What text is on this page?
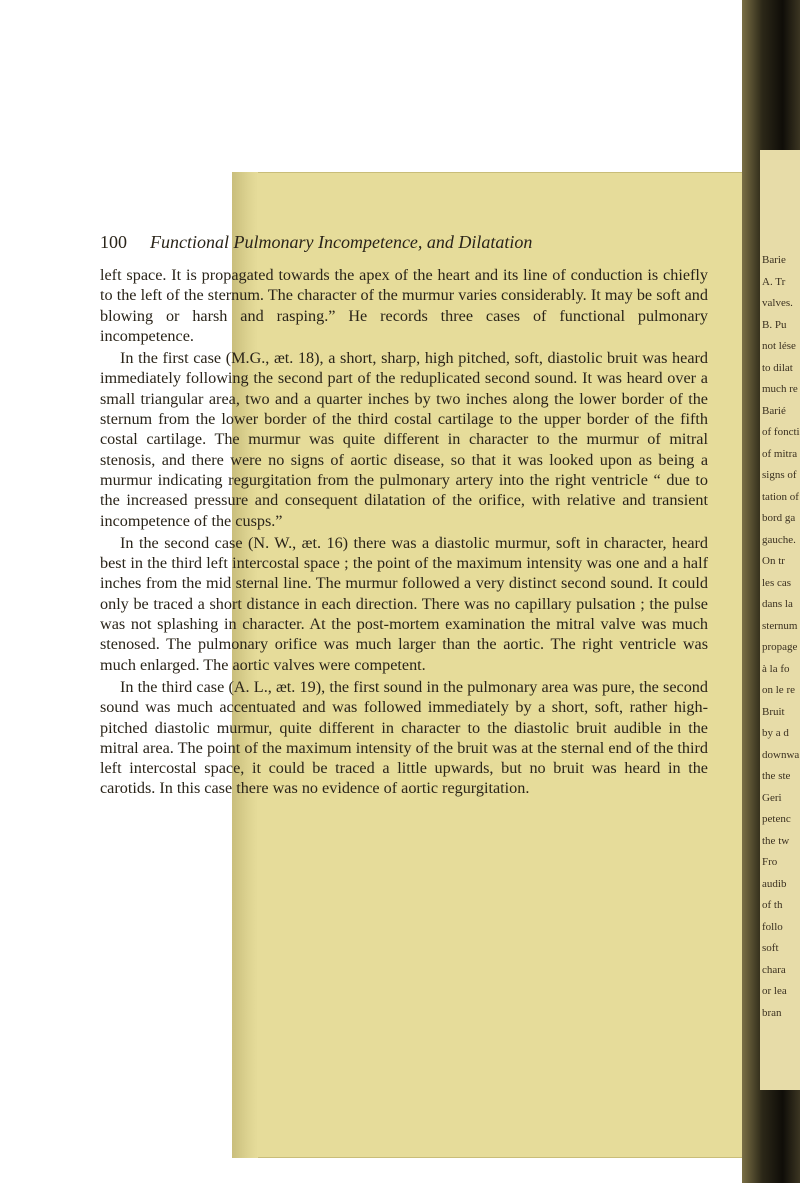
Barie
A. Tr
valves.
B. Pu
not lése
to dilat
much re
Barié
of foncti
of mitra
signs of
tation of
bord ga
gauche.
On tr
les cas
dans la
sternum
propage
à la fo
on le re
Bruit
by a d
downwa
the ste
Geri
petenc
the tw
Fro
audib
of th
follo
soft
chara
or lea
bran
100 Functional Pulmonary Incompetence, and Dilatation

left space. It is propagated towards the apex of the heart and its line of conduction is chiefly to the left of the sternum. The character of the murmur varies considerably. It may be soft and blowing or harsh and rasping.” He records three cases of functional pulmonary incompetence.

In the first case (M.G., æt. 18), a short, sharp, high pitched, soft, diastolic bruit was heard immediately following the second part of the reduplicated second sound. It was heard over a small triangular area, two and a quarter inches by two inches along the lower border of the sternum from the lower border of the third costal cartilage to the upper border of the fifth costal cartilage. The murmur was quite different in character to the murmur of mitral stenosis, and there were no signs of aortic disease, so that it was looked upon as being a murmur indicating regurgitation from the pulmonary artery into the right ventricle “ due to the increased pressure and consequent dilatation of the orifice, with relative and transient incompetence of the cusps.”

In the second case (N. W., æt. 16) there was a diastolic murmur, soft in character, heard best in the third left intercostal space ; the point of the maximum intensity was one and a half inches from the mid sternal line. The murmur followed a very distinct second sound. It could only be traced a short distance in each direction. There was no capillary pulsation ; the pulse was not splashing in character. At the post-mortem examination the mitral valve was much stenosed. The pulmonary orifice was much larger than the aortic. The right ventricle was much enlarged. The aortic valves were competent.

In the third case (A. L., æt. 19), the first sound in the pulmonary area was pure, the second sound was much accentuated and was followed immediately by a short, soft, rather high-pitched diastolic murmur, quite different in character to the diastolic bruit audible in the mitral area. The point of the maximum intensity of the bruit was at the sternal end of the third left intercostal space, it could be traced a little upwards, but no bruit was heard in the carotids. In this case there was no evidence of aortic regurgitation.
